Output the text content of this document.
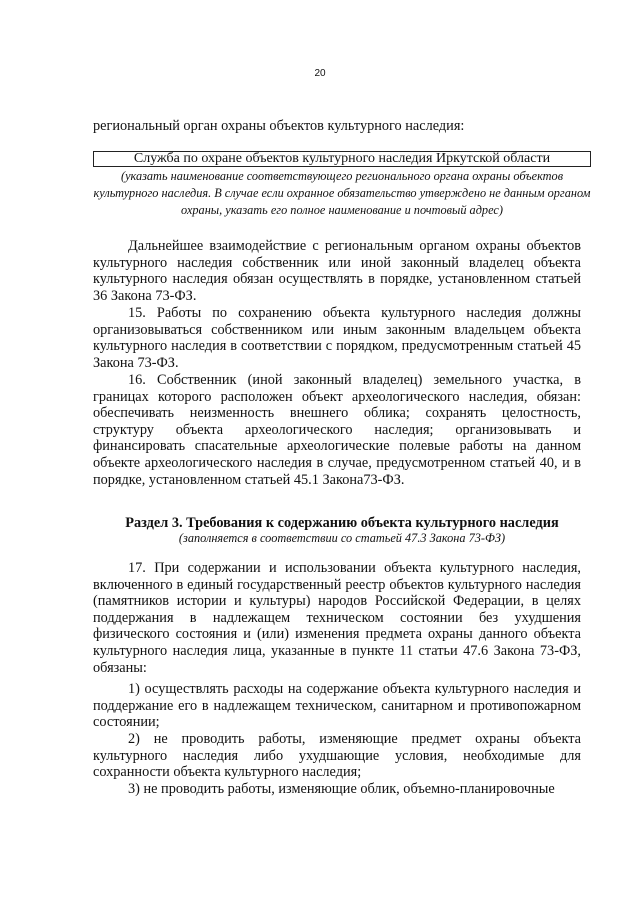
20
региональный орган охраны объектов культурного наследия:
Служба по охране объектов культурного наследия Иркутской области
(указать наименование соответствующего регионального органа охраны объектов культурного наследия. В случае если охранное обязательство утверждено не данным органом охраны, указать его полное наименование и почтовый адрес)
Дальнейшее взаимодействие с региональным органом охраны объектов культурного наследия собственник или иной законный владелец объекта культурного наследия обязан осуществлять в порядке, установленном статьей 36 Закона 73-ФЗ.
15. Работы по сохранению объекта культурного наследия должны организовываться собственником или иным законным владельцем объекта культурного наследия в соответствии с порядком, предусмотренным статьей 45 Закона 73-ФЗ.
16. Собственник (иной законный владелец) земельного участка, в границах которого расположен объект археологического наследия, обязан: обеспечивать неизменность внешнего облика; сохранять целостность, структуру объекта археологического наследия; организовывать и финансировать спасательные археологические полевые работы на данном объекте археологического наследия в случае, предусмотренном статьей 40, и в порядке, установленном статьей 45.1 Закона73-ФЗ.
Раздел 3. Требования к содержанию объекта культурного наследия
(заполняется в соответствии со статьей 47.3 Закона 73-ФЗ)
17. При содержании и использовании объекта культурного наследия, включенного в единый государственный реестр объектов культурного наследия (памятников истории и культуры) народов Российской Федерации, в целях поддержания в надлежащем техническом состоянии без ухудшения физического состояния и (или) изменения предмета охраны данного объекта культурного наследия лица, указанные в пункте 11 статьи 47.6 Закона 73-ФЗ, обязаны:
1) осуществлять расходы на содержание объекта культурного наследия и поддержание его в надлежащем техническом, санитарном и противопожарном состоянии;
2) не проводить работы, изменяющие предмет охраны объекта культурного наследия либо ухудшающие условия, необходимые для сохранности объекта культурного наследия;
3) не проводить работы, изменяющие облик, объемно-планировочные
